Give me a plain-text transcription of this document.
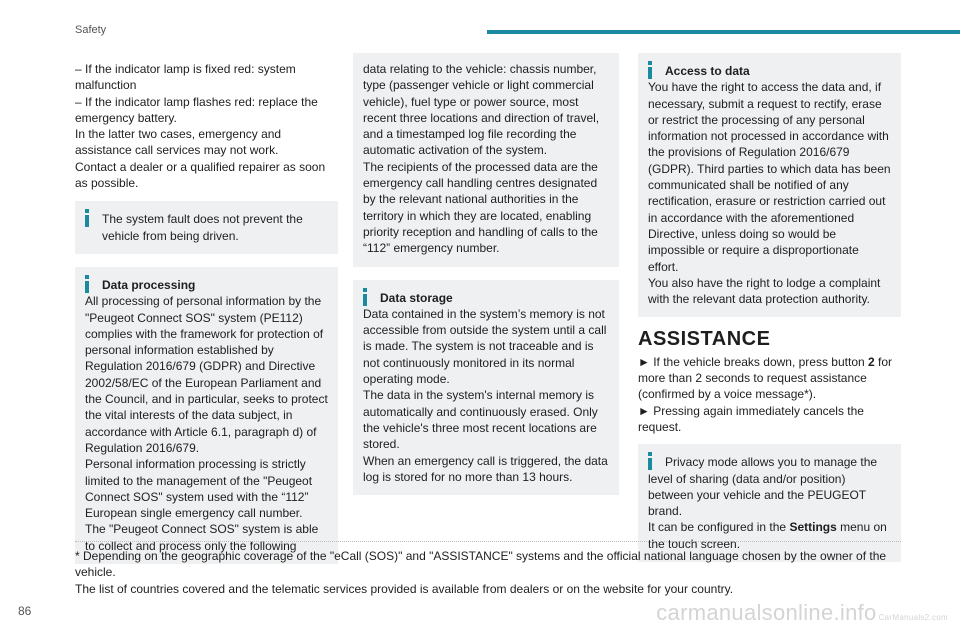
Safety

– If the indicator lamp is fixed red: system malfunction

– If the indicator lamp flashes red: replace the emergency battery.

In the latter two cases, emergency and assistance call services may not work.

Contact a dealer or a qualified repairer as soon as possible.

The system fault does not prevent the vehicle from being driven.

Data processing

All processing of personal information by the "Peugeot Connect SOS" system (PE112) complies with the framework for protection of personal information established by Regulation 2016/679 (GDPR) and Directive 2002/58/EC of the European Parliament and the Council, and in particular, seeks to protect the vital interests of the data subject, in accordance with Article 6.1, paragraph d) of Regulation 2016/679.

Personal information processing is strictly limited to the management of the "Peugeot Connect SOS" system used with the “112” European single emergency call number.

The "Peugeot Connect SOS" system is able to collect and process only the following

data relating to the vehicle: chassis number, type (passenger vehicle or light commercial vehicle), fuel type or power source, most recent three locations and direction of travel, and a timestamped log file recording the automatic activation of the system.

The recipients of the processed data are the emergency call handling centres designated by the relevant national authorities in the territory in which they are located, enabling priority reception and handling of calls to the “112” emergency number.

Data storage

Data contained in the system’s memory is not accessible from outside the system until a call is made. The system is not traceable and is not continuously monitored in its normal operating mode.

The data in the system's internal memory is automatically and continuously erased. Only the vehicle's three most recent locations are stored.

When an emergency call is triggered, the data log is stored for no more than 13 hours.

Access to data

You have the right to access the data and, if necessary, submit a request to rectify, erase or restrict the processing of any personal information not processed in accordance with the provisions of Regulation 2016/679 (GDPR). Third parties to which data has been communicated shall be notified of any rectification, erasure or restriction carried out in accordance with the aforementioned Directive, unless doing so would be impossible or require a disproportionate effort.

You also have the right to lodge a complaint with the relevant data protection authority.

ASSISTANCE

► If the vehicle breaks down, press button 2 for more than 2 seconds to request assistance (confirmed by a voice message*).

► Pressing again immediately cancels the request.

Privacy mode allows you to manage the level of sharing (data and/or position) between your vehicle and the PEUGEOT brand.

It can be configured in the Settings menu on the touch screen.

* Depending on the geographic coverage of the "eCall (SOS)" and "ASSISTANCE" systems and the official national language chosen by the owner of the vehicle.

The list of countries covered and the telematic services provided is available from dealers or on the website for your country.

86	carmanualsonline.info CarManuals2.com
